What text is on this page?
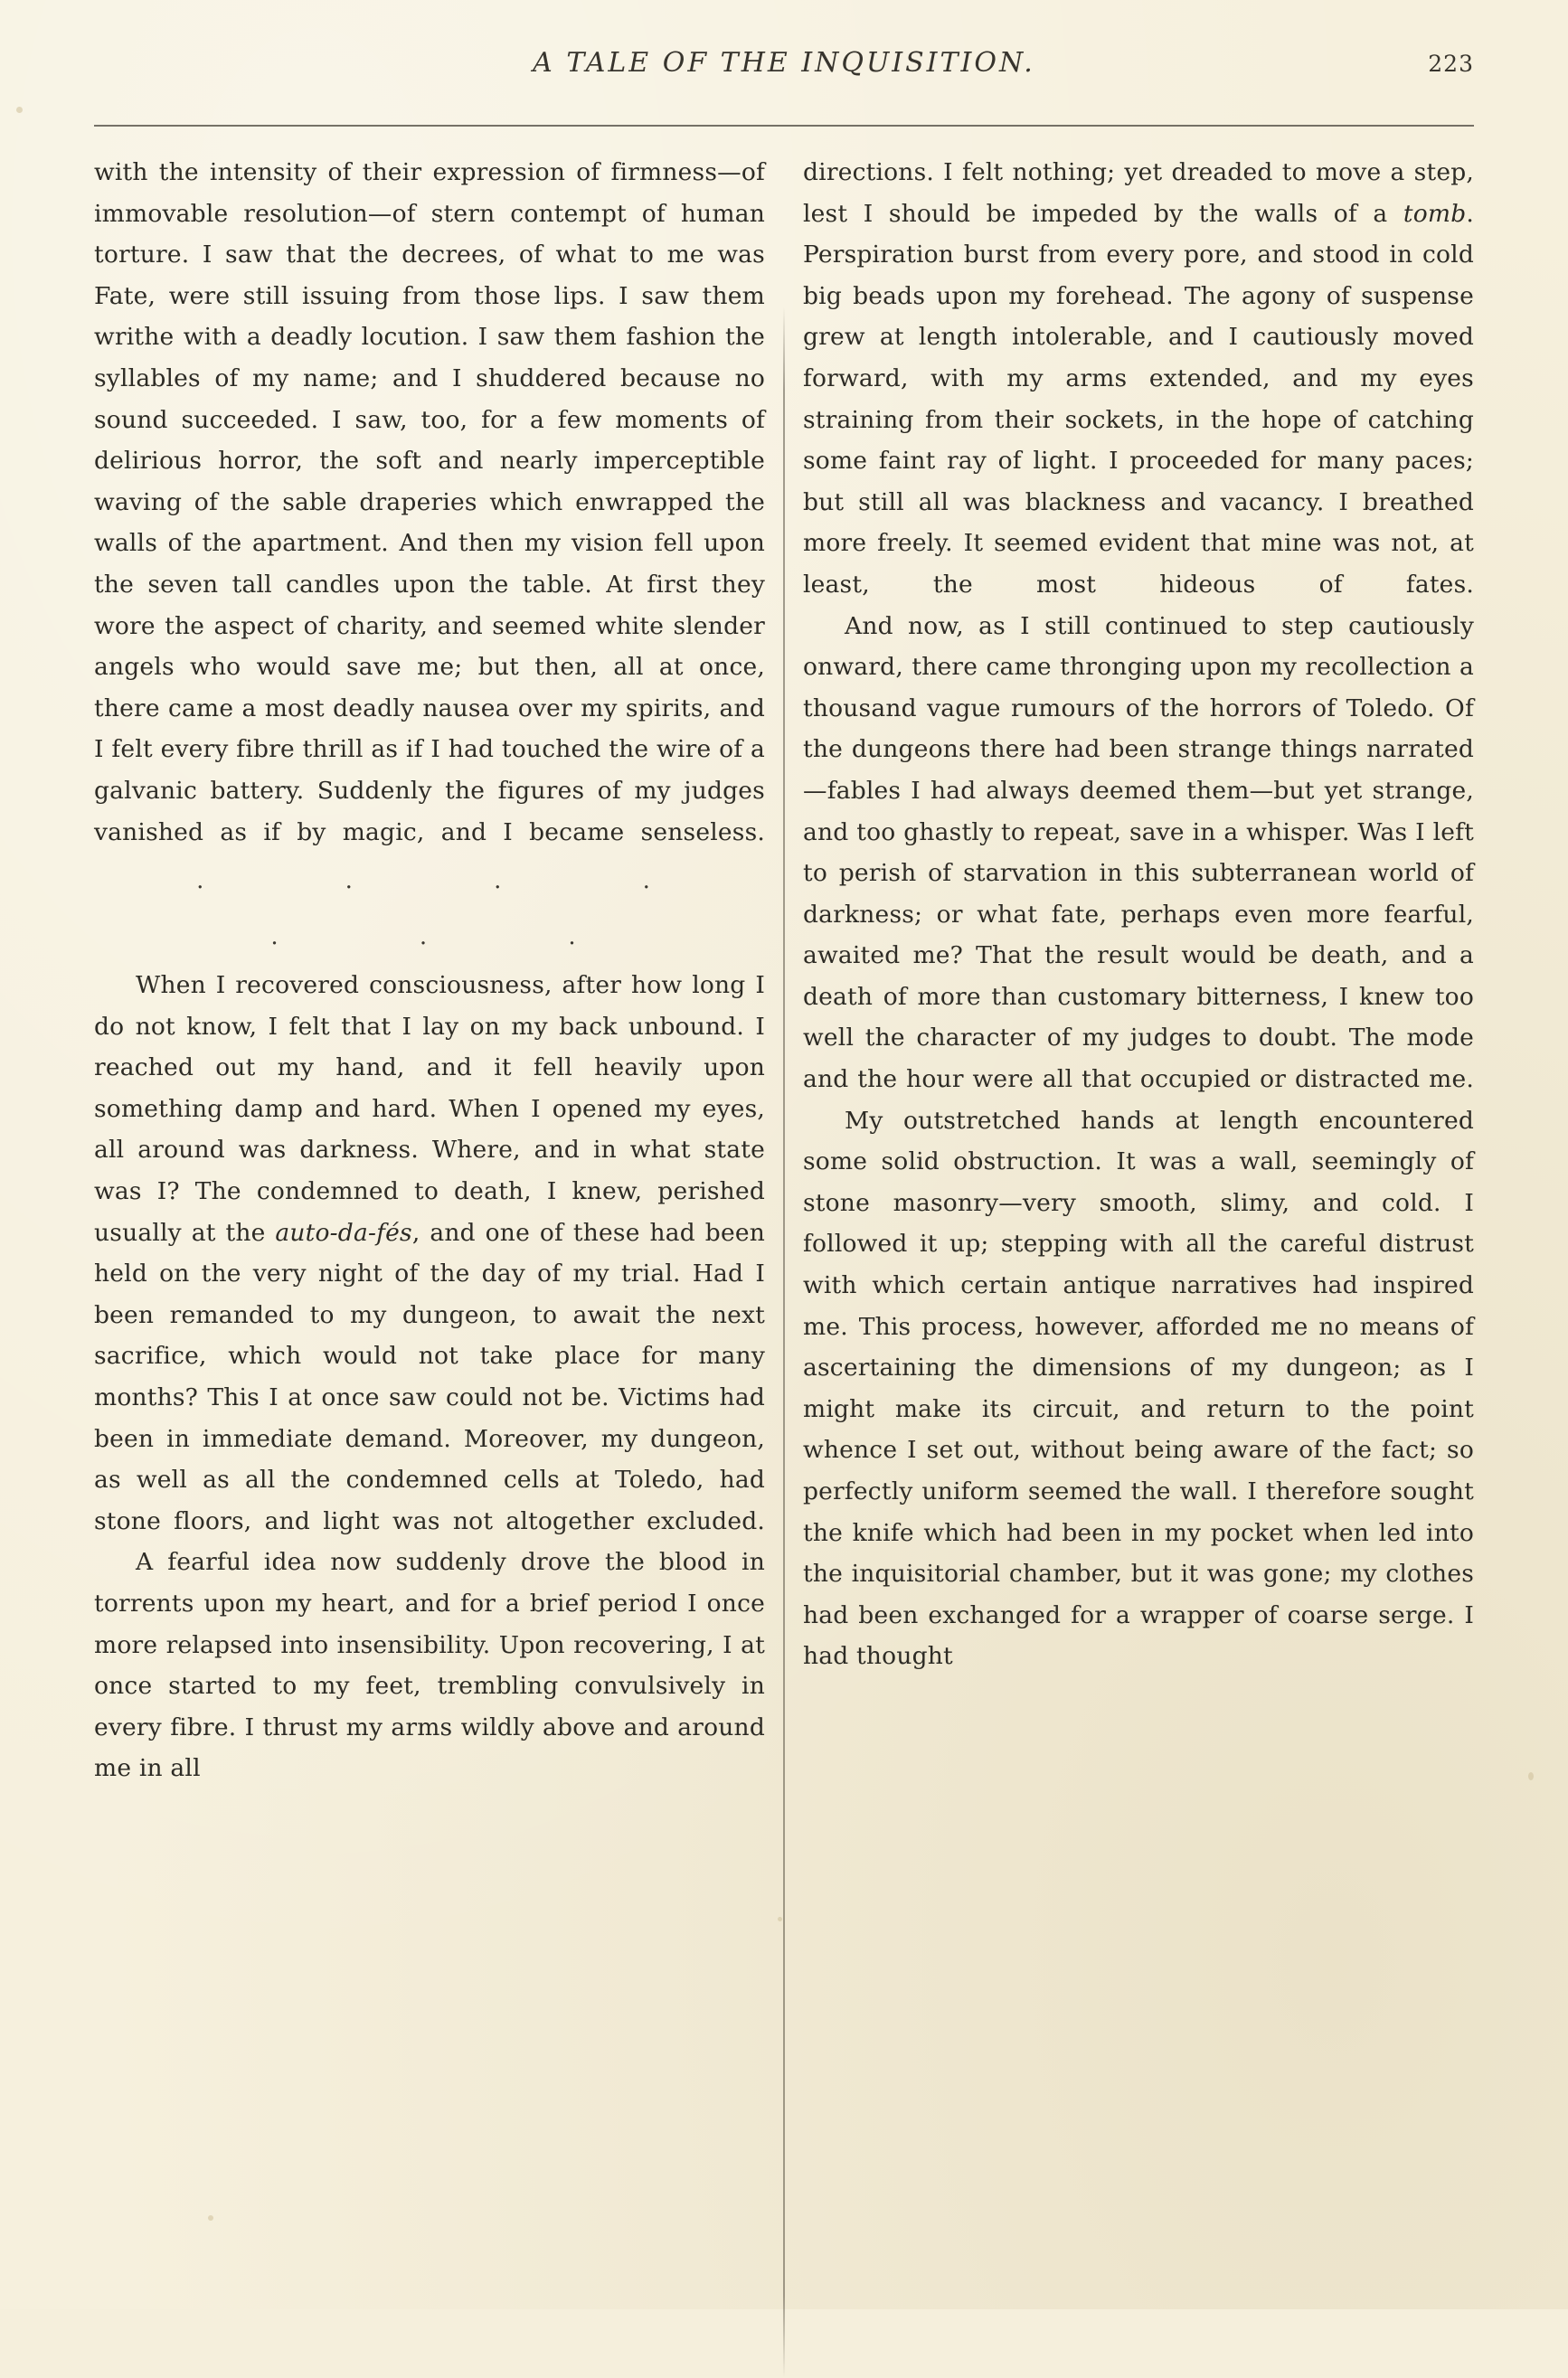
A TALE OF THE INQUISITION.	223

with the intensity of their expression of firmness—of immovable resolution—of stern contempt of human torture. I saw that the decrees, of what to me was Fate, were still issuing from those lips. I saw them writhe with a deadly locution. I saw them fashion the syllables of my name; and I shuddered because no sound succeeded. I saw, too, for a few moments of delirious horror, the soft and nearly imperceptible waving of the sable draperies which enwrapped the walls of the apartment. And then my vision fell upon the seven tall candles upon the table. At first they wore the aspect of charity, and seemed white slender angels who would save me; but then, all at once, there came a most deadly nausea over my spirits, and I felt every fibre thrill as if I had touched the wire of a galvanic battery. Suddenly the figures of my judges vanished as if by magic, and I became senseless.

. . . . . . .

When I recovered consciousness, after how long I do not know, I felt that I lay on my back unbound. I reached out my hand, and it fell heavily upon something damp and hard. When I opened my eyes, all around was darkness. Where, and in what state was I? The condemned to death, I knew, perished usually at the auto-da-fés, and one of these had been held on the very night of the day of my trial. Had I been remanded to my dungeon, to await the next sacrifice, which would not take place for many months? This I at once saw could not be. Victims had been in immediate demand. Moreover, my dungeon, as well as all the condemned cells at Toledo, had stone floors, and light was not altogether excluded.

A fearful idea now suddenly drove the blood in torrents upon my heart, and for a brief period I once more relapsed into insensibility. Upon recovering, I at once started to my feet, trembling convulsively in every fibre. I thrust my arms wildly above and around me in all

directions. I felt nothing; yet dreaded to move a step, lest I should be impeded by the walls of a tomb. Perspiration burst from every pore, and stood in cold big beads upon my forehead. The agony of suspense grew at length intolerable, and I cautiously moved forward, with my arms extended, and my eyes straining from their sockets, in the hope of catching some faint ray of light. I proceeded for many paces; but still all was blackness and vacancy. I breathed more freely. It seemed evident that mine was not, at least, the most hideous of fates.

And now, as I still continued to step cautiously onward, there came thronging upon my recollection a thousand vague rumours of the horrors of Toledo. Of the dungeons there had been strange things narrated—fables I had always deemed them—but yet strange, and too ghastly to repeat, save in a whisper. Was I left to perish of starvation in this subterranean world of darkness; or what fate, perhaps even more fearful, awaited me? That the result would be death, and a death of more than customary bitterness, I knew too well the character of my judges to doubt. The mode and the hour were all that occupied or distracted me.

My outstretched hands at length encountered some solid obstruction. It was a wall, seemingly of stone masonry—very smooth, slimy, and cold. I followed it up; stepping with all the careful distrust with which certain antique narratives had inspired me. This process, however, afforded me no means of ascertaining the dimensions of my dungeon; as I might make its circuit, and return to the point whence I set out, without being aware of the fact; so perfectly uniform seemed the wall. I therefore sought the knife which had been in my pocket when led into the inquisitorial chamber, but it was gone; my clothes had been exchanged for a wrapper of coarse serge. I had thought
